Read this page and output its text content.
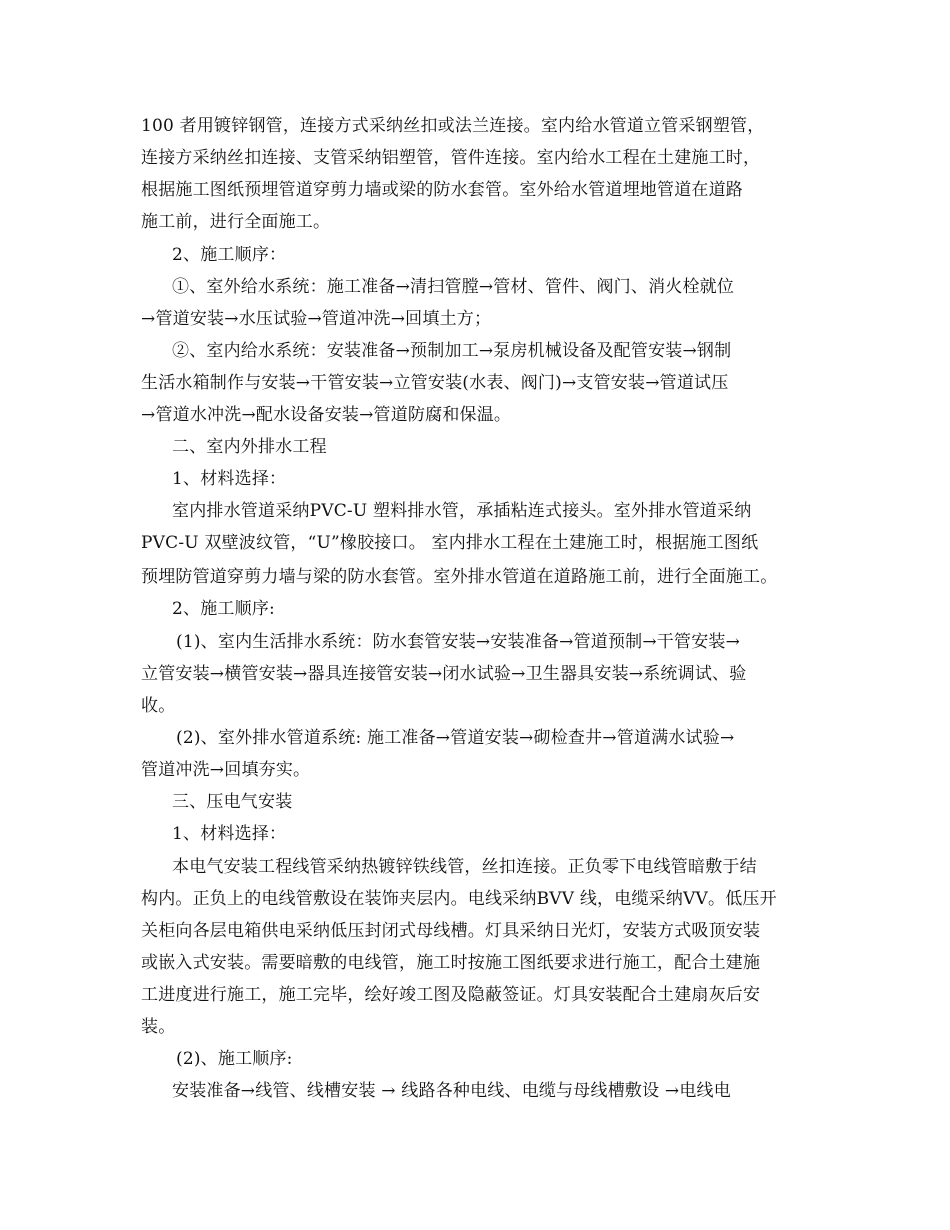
100 者用镀锌钢管，连接方式采纳丝扣或法兰连接。室内给水管道立管采钢塑管，
连接方采纳丝扣连接、支管采纳铝塑管，管件连接。室内给水工程在土建施工时，
根据施工图纸预埋管道穿剪力墙或梁的防水套管。室外给水管道埋地管道在道路
施工前，进行全面施工。
2、施工顺序：
①、室外给水系统：施工准备→清扫管膛→管材、管件、阀门、消火栓就位
→管道安装→水压试验→管道冲洗→回填土方；
②、室内给水系统：安装准备→预制加工→泵房机械设备及配管安装→钢制
生活水箱制作与安装→干管安装→立管安装(水表、阀门)→支管安装→管道试压
→管道水冲洗→配水设备安装→管道防腐和保温。
二、室内外排水工程
1、材料选择：
室内排水管道采纳PVC-U 塑料排水管，承插粘连式接头。室外排水管道采纳
PVC-U 双壁波纹管，“U”橡胶接口。 室内排水工程在土建施工时，根据施工图纸
预埋防管道穿剪力墙与梁的防水套管。室外排水管道在道路施工前，进行全面施工。
2、施工顺序:
(1)、室内生活排水系统：防水套管安装→安装准备→管道预制→干管安装→
立管安装→横管安装→器具连接管安装→闭水试验→卫生器具安装→系统调试、验
收。
(2)、室外排水管道系统: 施工准备→管道安装→砌检查井→管道满水试验→
管道冲洗→回填夯实。
三、压电气安装
1、材料选择：
本电气安装工程线管采纳热镀锌铁线管，丝扣连接。正负零下电线管暗敷于结
构内。正负上的电线管敷设在装饰夹层内。电线采纳BVV 线，电缆采纳VV。低压开
关柜向各层电箱供电采纳低压封闭式母线槽。灯具采纳日光灯，安装方式吸顶安装
或嵌入式安装。需要暗敷的电线管，施工时按施工图纸要求进行施工，配合土建施
工进度进行施工，施工完毕，绘好竣工图及隐蔽签证。灯具安装配合土建扇灰后安
装。
(2)、施工顺序:
安装准备→线管、线槽安装 → 线路各种电线、电缆与母线槽敷设 →电线电
